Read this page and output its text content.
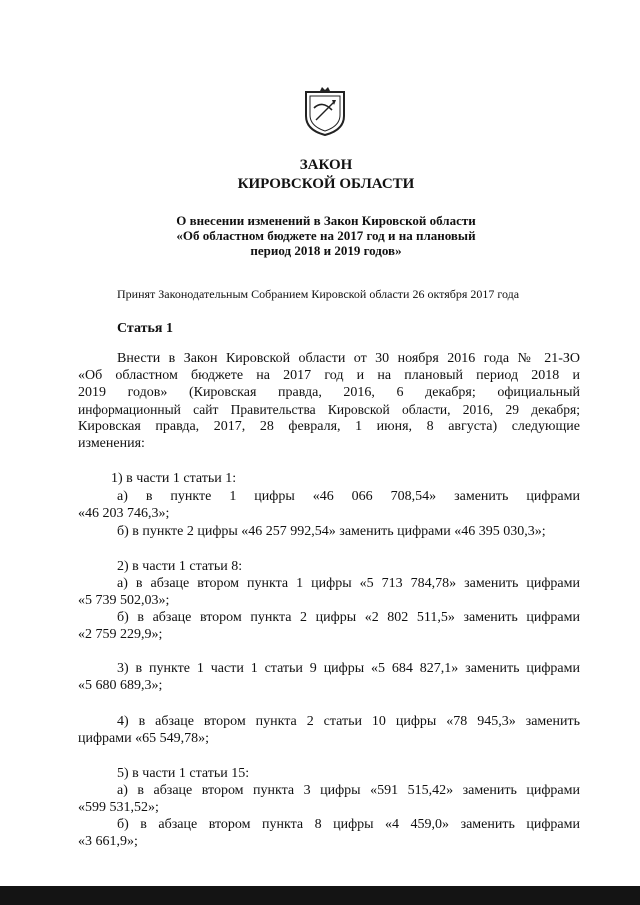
ЗАКОН
КИРОВСКОЙ ОБЛАСТИ
О внесении изменений в Закон Кировской области
«Об областном бюджете на 2017 год и на плановый
период 2018 и 2019 годов»
Принят Законодательным Собранием Кировской области 26 октября 2017 года
Статья 1
Внести в Закон Кировской области от 30 ноября 2016 года № 21-ЗО
«Об областном бюджете на 2017 год и на плановый период 2018 и
2019 годов» (Кировская правда, 2016, 6 декабря; официальный
информационный сайт Правительства Кировской области, 2016, 29 декабря;
Кировская правда, 2017, 28 февраля, 1 июня, 8 августа) следующие
изменения:
1) в части 1 статьи 1:
а) в пункте 1 цифры «46 066 708,54» заменить цифрами
«46 203 746,3»;
б) в пункте 2 цифры «46 257 992,54» заменить цифрами «46 395 030,3»;
2) в части 1 статьи 8:
а) в абзаце втором пункта 1 цифры «5 713 784,78» заменить цифрами
«5 739 502,03»;
б) в абзаце втором пункта 2 цифры «2 802 511,5» заменить цифрами
«2 759 229,9»;
3) в пункте 1 части 1 статьи 9 цифры «5 684 827,1» заменить цифрами
«5 680 689,3»;
4) в абзаце втором пункта 2 статьи 10 цифры «78 945,3» заменить
цифрами «65 549,78»;
5) в части 1 статьи 15:
а) в абзаце втором пункта 3 цифры «591 515,42» заменить цифрами
«599 531,52»;
б) в абзаце втором пункта 8 цифры «4 459,0» заменить цифрами
«3 661,9»;
